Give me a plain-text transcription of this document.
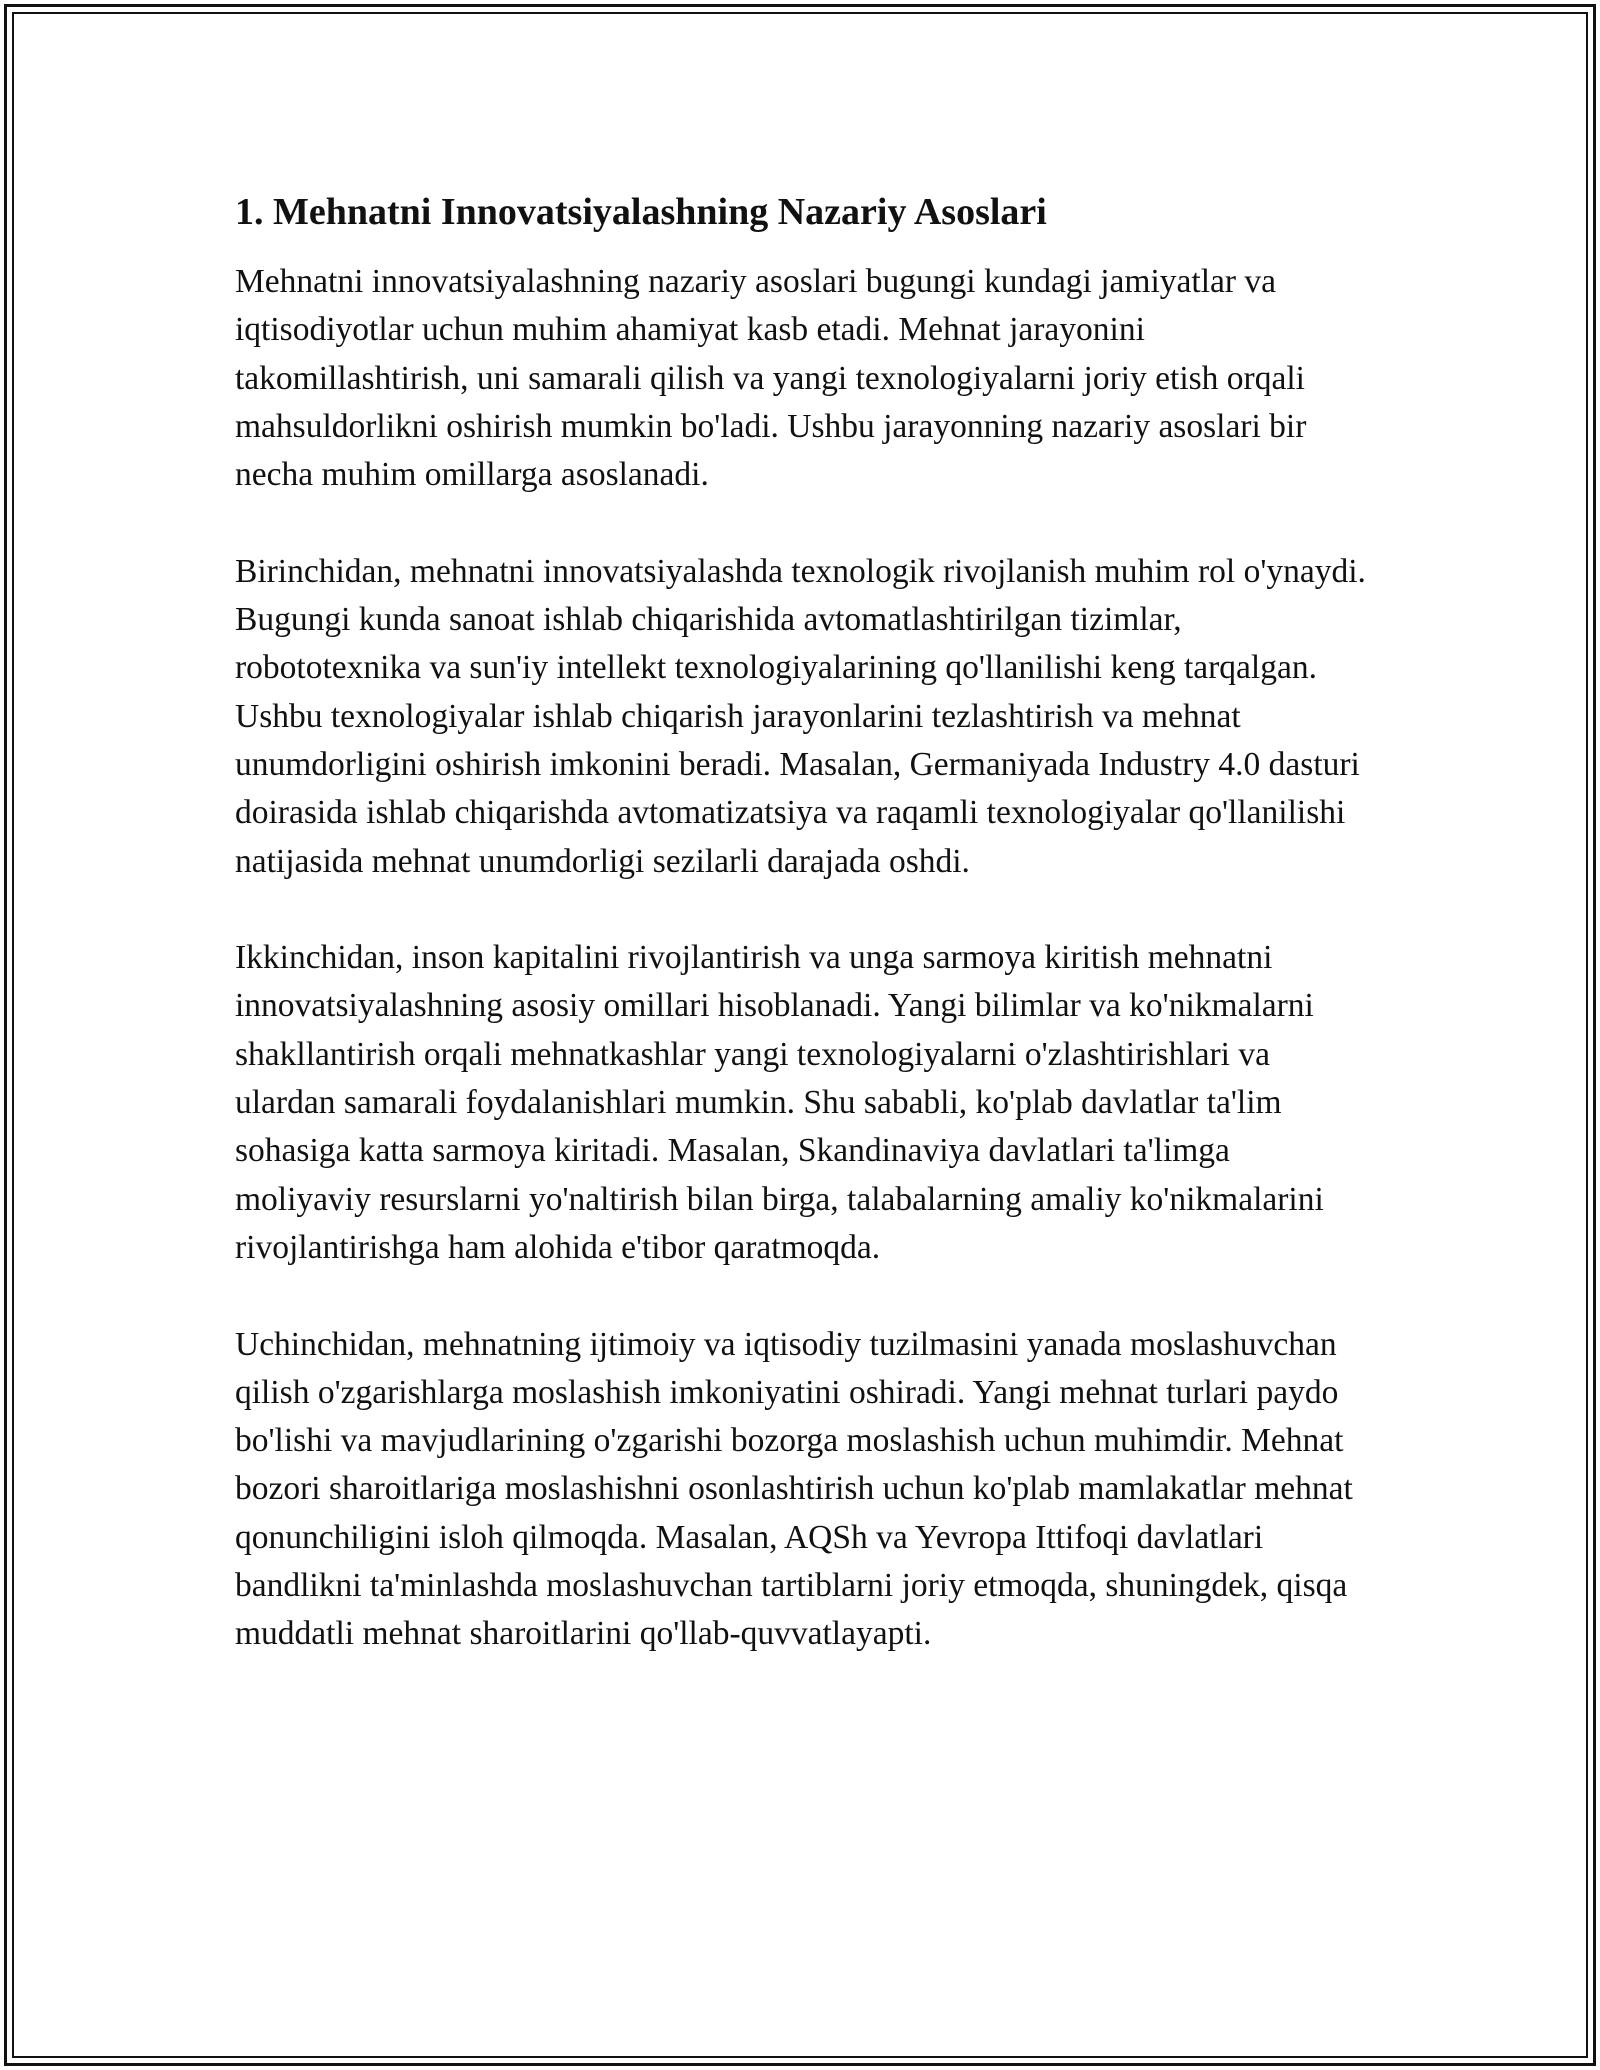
1. Mehnatni Innovatsiyalashning Nazariy Asoslari

Mehnatni innovatsiyalashning nazariy asoslari bugungi kundagi jamiyatlar va iqtisodiyotlar uchun muhim ahamiyat kasb etadi. Mehnat jarayonini takomillashtirish, uni samarali qilish va yangi texnologiyalarni joriy etish orqali mahsuldorlikni oshirish mumkin bo'ladi. Ushbu jarayonning nazariy asoslari bir necha muhim omillarga asoslanadi.

Birinchidan, mehnatni innovatsiyalashda texnologik rivojlanish muhim rol o'ynaydi. Bugungi kunda sanoat ishlab chiqarishida avtomatlashtirilgan tizimlar, robototexnika va sun'iy intellekt texnologiyalarining qo'llanilishi keng tarqalgan. Ushbu texnologiyalar ishlab chiqarish jarayonlarini tezlashtirish va mehnat unumdorligini oshirish imkonini beradi. Masalan, Germaniyada Industry 4.0 dasturi doirasida ishlab chiqarishda avtomatizatsiya va raqamli texnologiyalar qo'llanilishi natijasida mehnat unumdorligi sezilarli darajada oshdi.

Ikkinchidan, inson kapitalini rivojlantirish va unga sarmoya kiritish mehnatni innovatsiyalashning asosiy omillari hisoblanadi. Yangi bilimlar va ko'nikmalarni shakllantirish orqali mehnatkashlar yangi texnologiyalarni o'zlashtirishlari va ulardan samarali foydalanishlari mumkin. Shu sababli, ko'plab davlatlar ta'lim sohasiga katta sarmoya kiritadi. Masalan, Skandinaviya davlatlari ta'limga moliyaviy resurslarni yo'naltirish bilan birga, talabalarning amaliy ko'nikmalarini rivojlantirishga ham alohida e'tibor qaratmoqda.

Uchinchidan, mehnatning ijtimoiy va iqtisodiy tuzilmasini yanada moslashuvchan qilish o'zgarishlarga moslashish imkoniyatini oshiradi. Yangi mehnat turlari paydo bo'lishi va mavjudlarining o'zgarishi bozorga moslashish uchun muhimdir. Mehnat bozori sharoitlariga moslashishni osonlashtirish uchun ko'plab mamlakatlar mehnat qonunchiligini isloh qilmoqda. Masalan, AQSh va Yevropa Ittifoqi davlatlari bandlikni ta'minlashda moslashuvchan tartiblarni joriy etmoqda, shuningdek, qisqa muddatli mehnat sharoitlarini qo'llab-quvvatlayapti.
